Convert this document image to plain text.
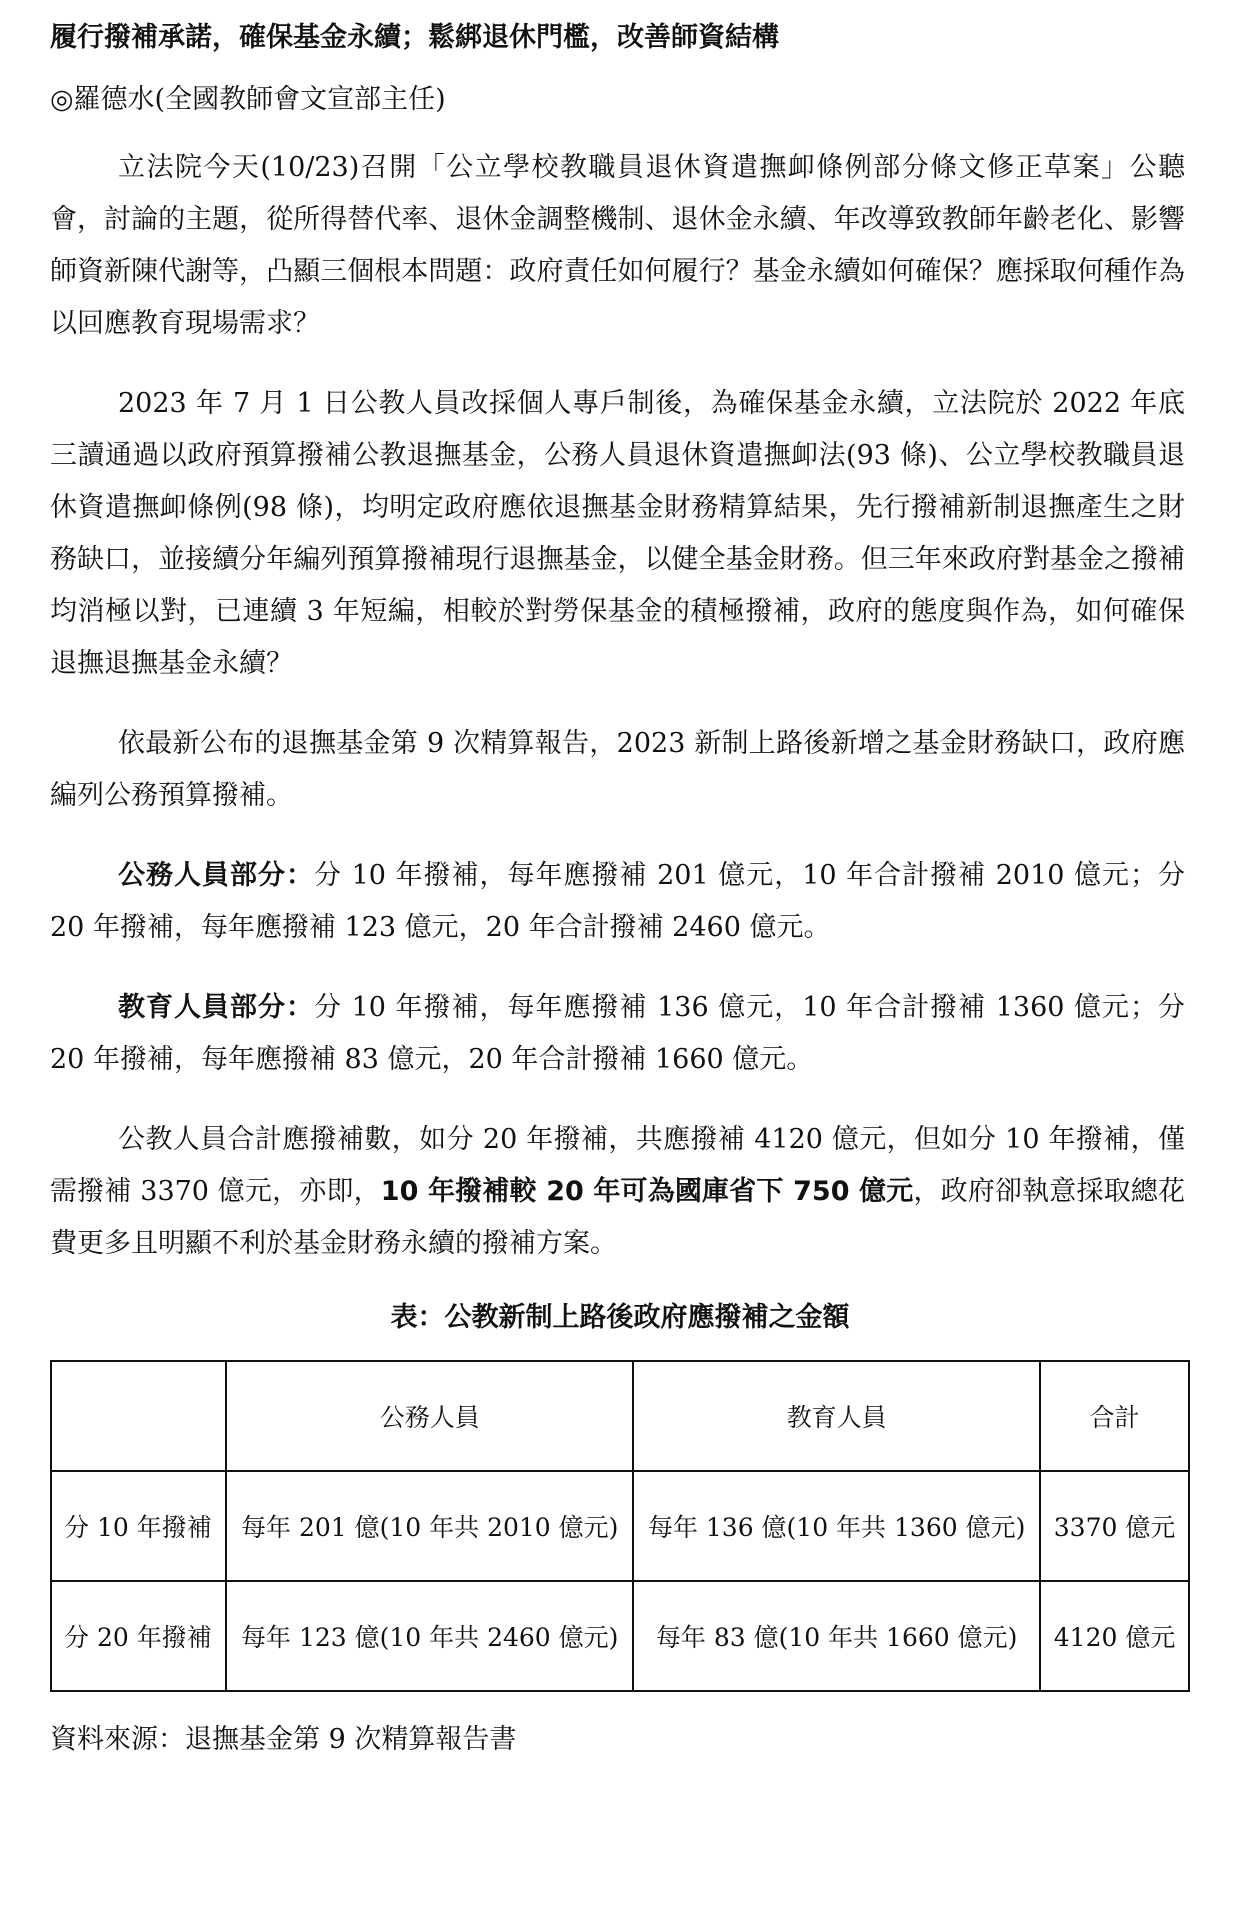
履行撥補承諾，確保基金永續；鬆綁退休門檻，改善師資結構
◎羅德水(全國教師會文宣部主任)

立法院今天(10/23)召開「公立學校教職員退休資遣撫卹條例部分條文修正草案」公聽會，討論的主題，從所得替代率、退休金調整機制、退休金永續、年改導致教師年齡老化、影響師資新陳代謝等，凸顯三個根本問題：政府責任如何履行？基金永續如何確保？應採取何種作為以回應教育現場需求？

2023 年 7 月 1 日公教人員改採個人專戶制後，為確保基金永續，立法院於 2022 年底三讀通過以政府預算撥補公教退撫基金，公務人員退休資遣撫卹法(93 條)、公立學校教職員退休資遣撫卹條例(98 條)，均明定政府應依退撫基金財務精算結果，先行撥補新制退撫產生之財務缺口，並接續分年編列預算撥補現行退撫基金，以健全基金財務。但三年來政府對基金之撥補均消極以對，已連續 3 年短編，相較於對勞保基金的積極撥補，政府的態度與作為，如何確保退撫退撫基金永續？

依最新公布的退撫基金第 9 次精算報告，2023 新制上路後新增之基金財務缺口，政府應編列公務預算撥補。

公務人員部分：分 10 年撥補，每年應撥補 201 億元，10 年合計撥補 2010 億元；分 20 年撥補，每年應撥補 123 億元，20 年合計撥補 2460 億元。

教育人員部分：分 10 年撥補，每年應撥補 136 億元，10 年合計撥補 1360 億元；分 20 年撥補，每年應撥補 83 億元，20 年合計撥補 1660 億元。

公教人員合計應撥補數，如分 20 年撥補，共應撥補 4120 億元，但如分 10 年撥補，僅需撥補 3370 億元，亦即，10 年撥補較 20 年可為國庫省下 750 億元，政府卻執意採取總花費更多且明顯不利於基金財務永續的撥補方案。

表：公教新制上路後政府應撥補之金額
	公務人員	教育人員	合計
分 10 年撥補	每年 201 億(10 年共 2010 億元)	每年 136 億(10 年共 1360 億元)	3370 億元
分 20 年撥補	每年 123 億(10 年共 2460 億元)	每年 83 億(10 年共 1660 億元)	4120 億元
資料來源：退撫基金第 9 次精算報告書
